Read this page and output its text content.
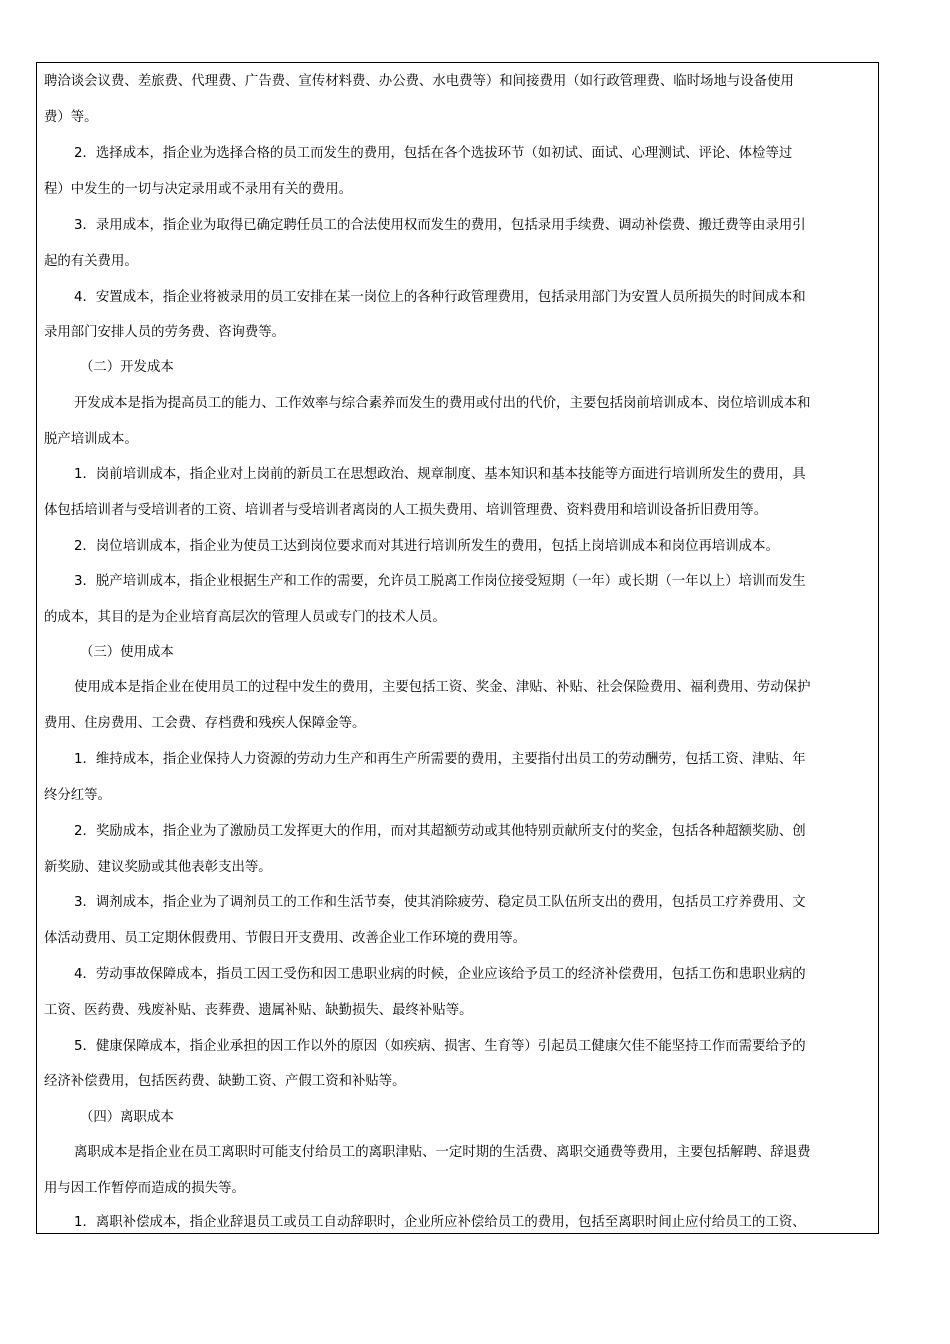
聘洽谈会议费、差旅费、代理费、广告费、宣传材料费、办公费、水电费等）和间接费用（如行政管理费、临时场地与设备使用
费）等。
2．选择成本，指企业为选择合格的员工而发生的费用，包括在各个选拔环节（如初试、面试、心理测试、评论、体检等过
程）中发生的一切与决定录用或不录用有关的费用。
3．录用成本，指企业为取得已确定聘任员工的合法使用权而发生的费用，包括录用手续费、调动补偿费、搬迁费等由录用引
起的有关费用。
4．安置成本，指企业将被录用的员工安排在某一岗位上的各种行政管理费用，包括录用部门为安置人员所损失的时间成本和
录用部门安排人员的劳务费、咨询费等。
（二）开发成本
开发成本是指为提高员工的能力、工作效率与综合素养而发生的费用或付出的代价，主要包括岗前培训成本、岗位培训成本和
脱产培训成本。
1．岗前培训成本，指企业对上岗前的新员工在思想政治、规章制度、基本知识和基本技能等方面进行培训所发生的费用，具
体包括培训者与受培训者的工资、培训者与受培训者离岗的人工损失费用、培训管理费、资料费用和培训设备折旧费用等。
2．岗位培训成本，指企业为使员工达到岗位要求而对其进行培训所发生的费用，包括上岗培训成本和岗位再培训成本。
3．脱产培训成本，指企业根据生产和工作的需要，允许员工脱离工作岗位接受短期（一年）或长期（一年以上）培训而发生
的成本，其目的是为企业培育高层次的管理人员或专门的技术人员。
（三）使用成本
使用成本是指企业在使用员工的过程中发生的费用，主要包括工资、奖金、津贴、补贴、社会保险费用、福利费用、劳动保护
费用、住房费用、工会费、存档费和残疾人保障金等。
1．维持成本，指企业保持人力资源的劳动力生产和再生产所需要的费用，主要指付出员工的劳动酬劳，包括工资、津贴、年
终分红等。
2．奖励成本，指企业为了激励员工发挥更大的作用，而对其超额劳动或其他特别贡献所支付的奖金，包括各种超额奖励、创
新奖励、建议奖励或其他表彰支出等。
3．调剂成本，指企业为了调剂员工的工作和生活节奏，使其消除疲劳、稳定员工队伍所支出的费用，包括员工疗养费用、文
体活动费用、员工定期休假费用、节假日开支费用、改善企业工作环境的费用等。
4．劳动事故保障成本，指员工因工受伤和因工患职业病的时候，企业应该给予员工的经济补偿费用，包括工伤和患职业病的
工资、医药费、残废补贴、丧葬费、遗属补贴、缺勤损失、最终补贴等。
5．健康保障成本，指企业承担的因工作以外的原因（如疾病、损害、生育等）引起员工健康欠佳不能坚持工作而需要给予的
经济补偿费用，包括医药费、缺勤工资、产假工资和补贴等。
（四）离职成本
离职成本是指企业在员工离职时可能支付给员工的离职津贴、一定时期的生活费、离职交通费等费用，主要包括解聘、辞退费
用与因工作暂停而造成的损失等。
1．离职补偿成本，指企业辞退员工或员工自动辞职时，企业所应补偿给员工的费用，包括至离职时间止应付给员工的工资、
